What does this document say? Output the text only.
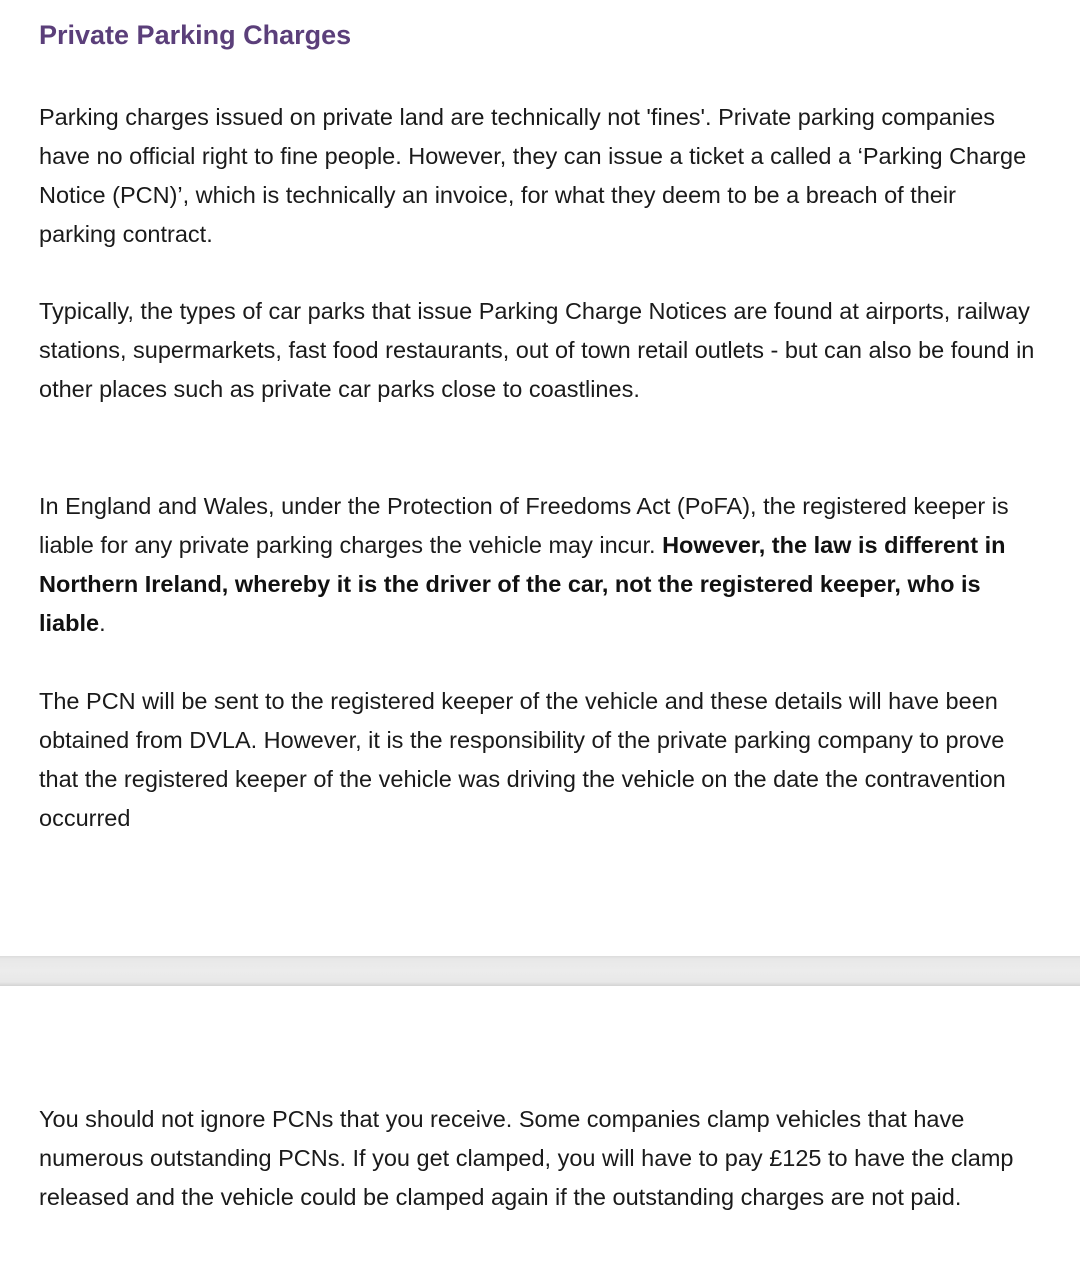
Private Parking Charges

Parking charges issued on private land are technically not 'fines'. Private parking companies have no official right to fine people. However, they can issue a ticket a called a ‘Parking Charge Notice (PCN)’, which is technically an invoice, for what they deem to be a breach of their parking contract.

Typically, the types of car parks that issue Parking Charge Notices are found at airports, railway stations, supermarkets, fast food restaurants, out of town retail outlets - but can also be found in other places such as private car parks close to coastlines.

In England and Wales, under the Protection of Freedoms Act (PoFA), the registered keeper is liable for any private parking charges the vehicle may incur. However, the law is different in Northern Ireland, whereby it is the driver of the car, not the registered keeper, who is liable.

The PCN will be sent to the registered keeper of the vehicle and these details will have been obtained from DVLA. However, it is the responsibility of the private parking company to prove that the registered keeper of the vehicle was driving the vehicle on the date the contravention occurred

You should not ignore PCNs that you receive. Some companies clamp vehicles that have numerous outstanding PCNs. If you get clamped, you will have to pay £125 to have the clamp released and the vehicle could be clamped again if the outstanding charges are not paid.
